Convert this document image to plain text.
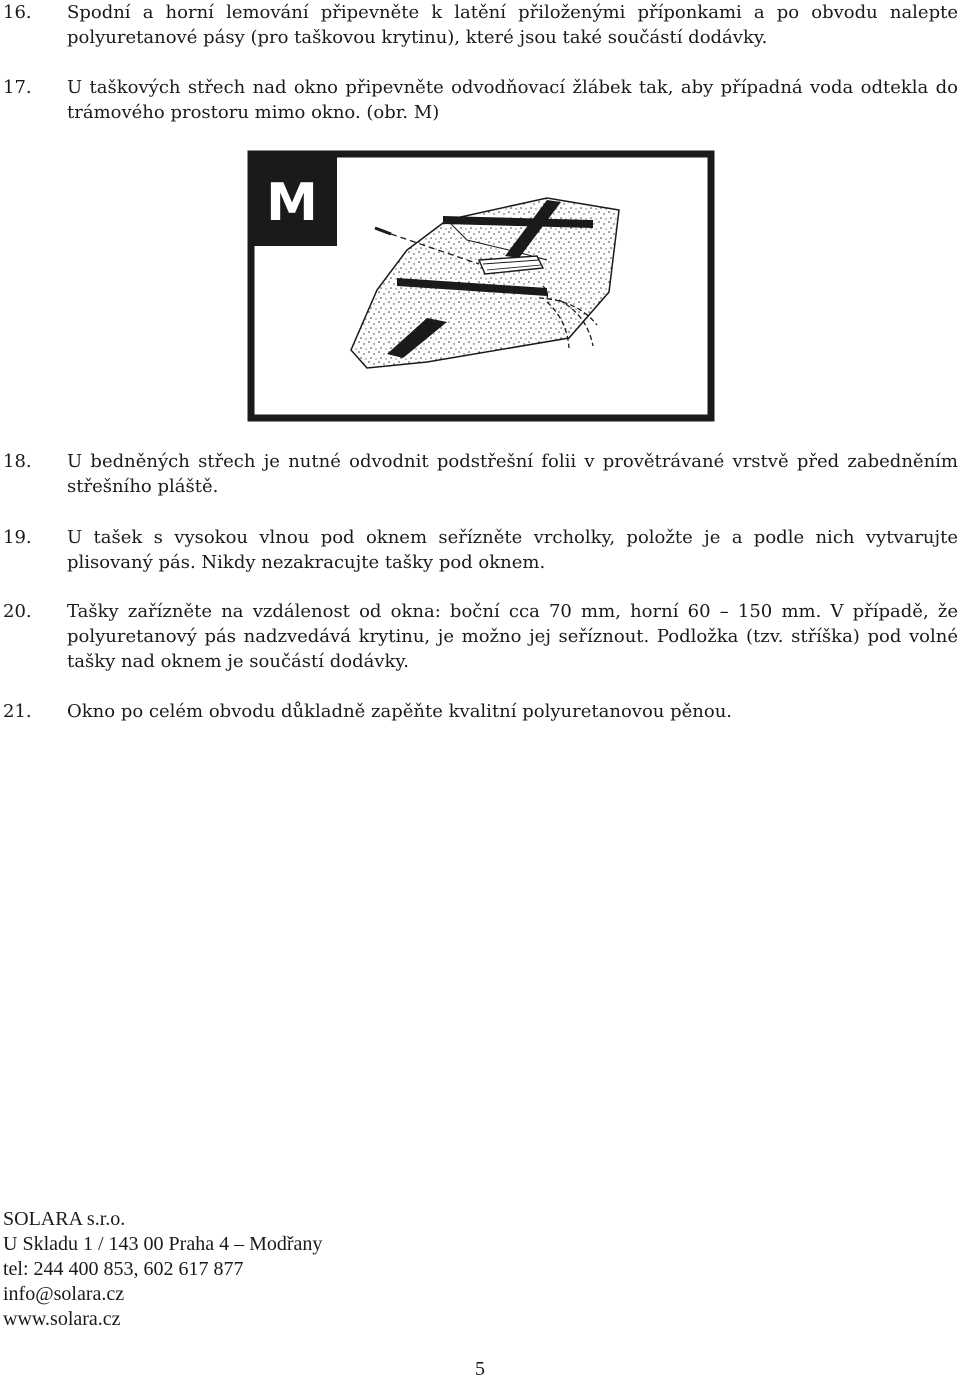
16. Spodní a horní lemování připevněte k latění přiloženými příponkami a po obvodu nalepte polyuretanové pásy (pro taškovou krytinu), které jsou také součástí dodávky.
17. U taškových střech nad okno připevněte odvodňovací žlábek tak, aby případná voda odtekla do trámového prostoru mimo okno. (obr. M)
M
18. U bedněných střech je nutné odvodnit podstřešní folii v provětrávané vrstvě před zabedněním střešního pláště.
19. U tašek s vysokou vlnou pod oknem seřízněte vrcholky, položte je a podle nich vytvarujte plisovaný pás. Nikdy nezakracujte tašky pod oknem.
20. Tašky zařízněte na vzdálenost od okna: boční cca 70 mm, horní 60 – 150 mm. V případě, že polyuretanový pás nadzvedává krytinu, je možno jej seříznout. Podložka (tzv. stříška) pod volné tašky nad oknem je součástí dodávky.
21. Okno po celém obvodu důkladně zapěňte kvalitní polyuretanovou pěnou.
SOLARA s.r.o.
U Skladu 1 / 143 00 Praha 4 – Modřany
tel: 244 400 853, 602 617 877
info@solara.cz
www.solara.cz
5
